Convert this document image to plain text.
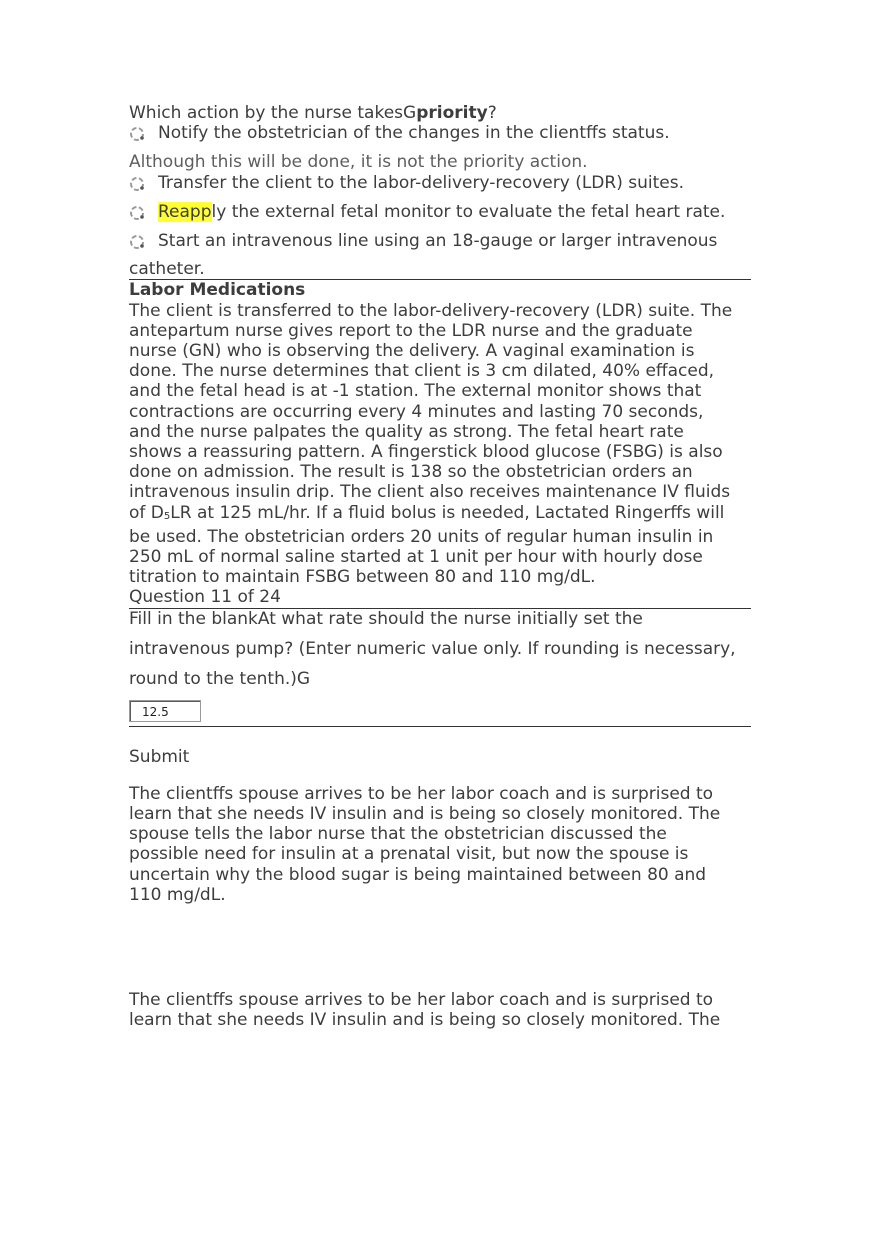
Which action by the nurse takesGpriority?

Notify the obstetrician of the changes in the clientffs status.

Although this will be done, it is not the priority action.

Transfer the client to the labor-delivery-recovery (LDR) suites.
Reapply the external fetal monitor to evaluate the fetal heart rate.
Start an intravenous line using an 18-gauge or larger intravenous

catheter.

Labor Medications

The client is transferred to the labor-delivery-recovery (LDR) suite. The
antepartum nurse gives report to the LDR nurse and the graduate
nurse (GN) who is observing the delivery. A vaginal examination is
done. The nurse determines that client is 3 cm dilated, 40% effaced,
and the fetal head is at -1 station. The external monitor shows that
contractions are occurring every 4 minutes and lasting 70 seconds,
and the nurse palpates the quality as strong. The fetal heart rate
shows a reassuring pattern. A fingerstick blood glucose (FSBG) is also
done on admission. The result is 138 so the obstetrician orders an
intravenous insulin drip. The client also receives maintenance IV fluids
of $D_5LR$ at 125 mL/hr. If a fluid bolus is needed, Lactated Ringerffs will
be used. The obstetrician orders 20 units of regular human insulin in
250 mL of normal saline started at 1 unit per hour with hourly dose
titration to maintain FSBG between 80 and 110 mg/dL.

Question 11 of 24

Fill in the blankAt what rate should the nurse initially set the

intravenous pump? (Enter numeric value only. If rounding is necessary,

round to the tenth.)G

12.5

Submit

The clientffs spouse arrives to be her labor coach and is surprised to
learn that she needs IV insulin and is being so closely monitored. The
spouse tells the labor nurse that the obstetrician discussed the
possible need for insulin at a prenatal visit, but now the spouse is
uncertain why the blood sugar is being maintained between 80 and
110 mg/dL.
The clientffs spouse arrives to be her labor coach and is surprised to
learn that she needs IV insulin and is being so closely monitored. The
